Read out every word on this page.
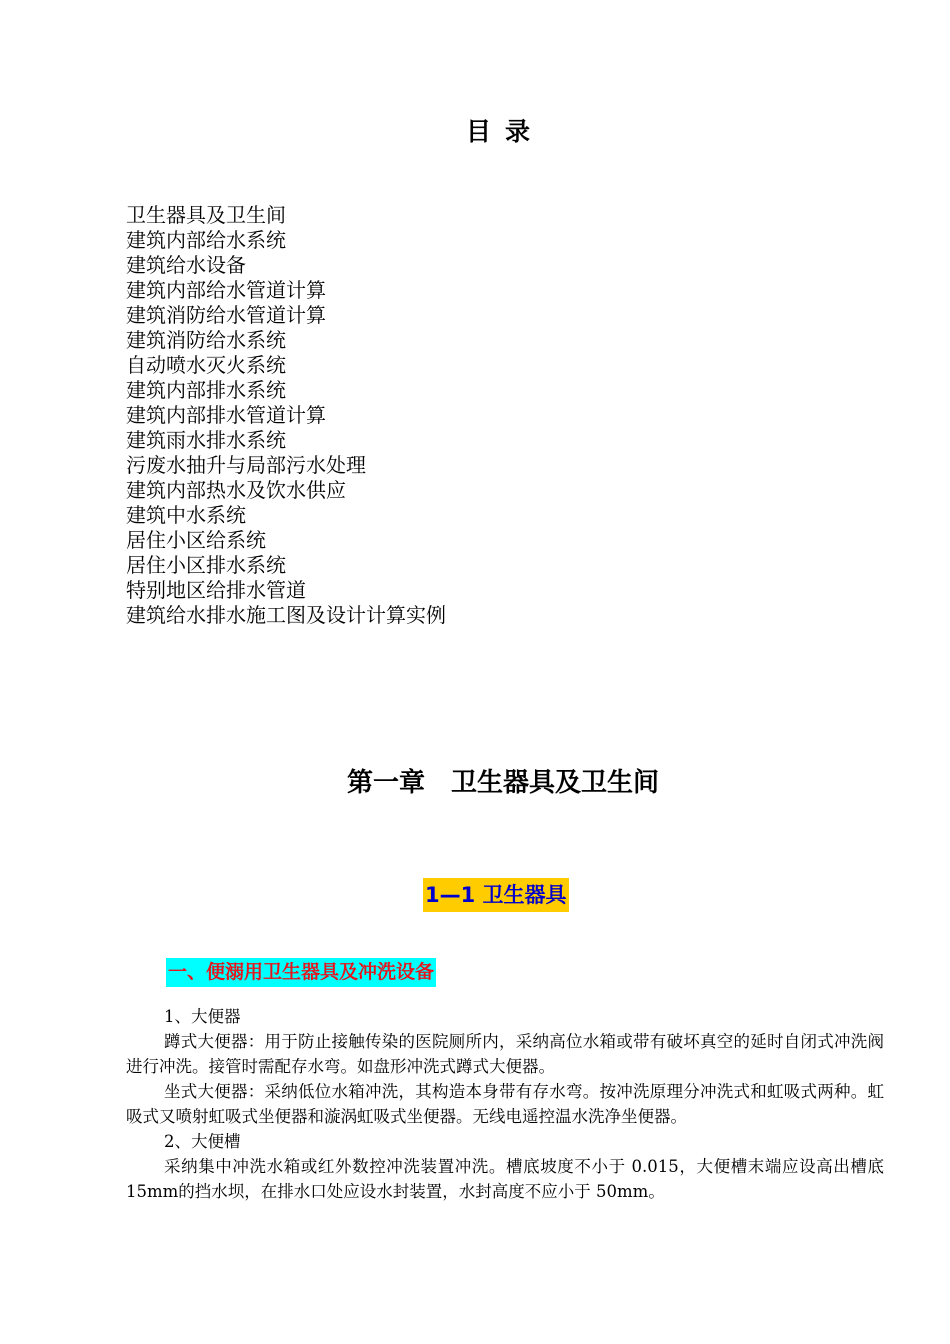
目录
卫生器具及卫生间
建筑内部给水系统
建筑给水设备
建筑内部给水管道计算
建筑消防给水管道计算
建筑消防给水系统
自动喷水灭火系统
建筑内部排水系统
建筑内部排水管道计算
建筑雨水排水系统
污废水抽升与局部污水处理
建筑内部热水及饮水供应
建筑中水系统
居住小区给系统
居住小区排水系统
特别地区给排水管道
建筑给水排水施工图及设计计算实例
第一章　卫生器具及卫生间
1—1 卫生器具
一、便溺用卫生器具及冲洗设备

1、大便器

蹲式大便器：用于防止接触传染的医院厕所内，采纳高位水箱或带有破坏真空的延时自闭式冲洗阀进行冲洗。接管时需配存水弯。如盘形冲洗式蹲式大便器。

坐式大便器：采纳低位水箱冲洗，其构造本身带有存水弯。按冲洗原理分冲洗式和虹吸式两种。虹吸式又喷射虹吸式坐便器和漩涡虹吸式坐便器。无线电遥控温水洗净坐便器。

2、大便槽

采纳集中冲洗水箱或红外数控冲洗装置冲洗。槽底坡度不小于 0.015，大便槽末端应设高出槽底 15mm的挡水坝，在排水口处应设水封装置，水封高度不应小于 50mm。
